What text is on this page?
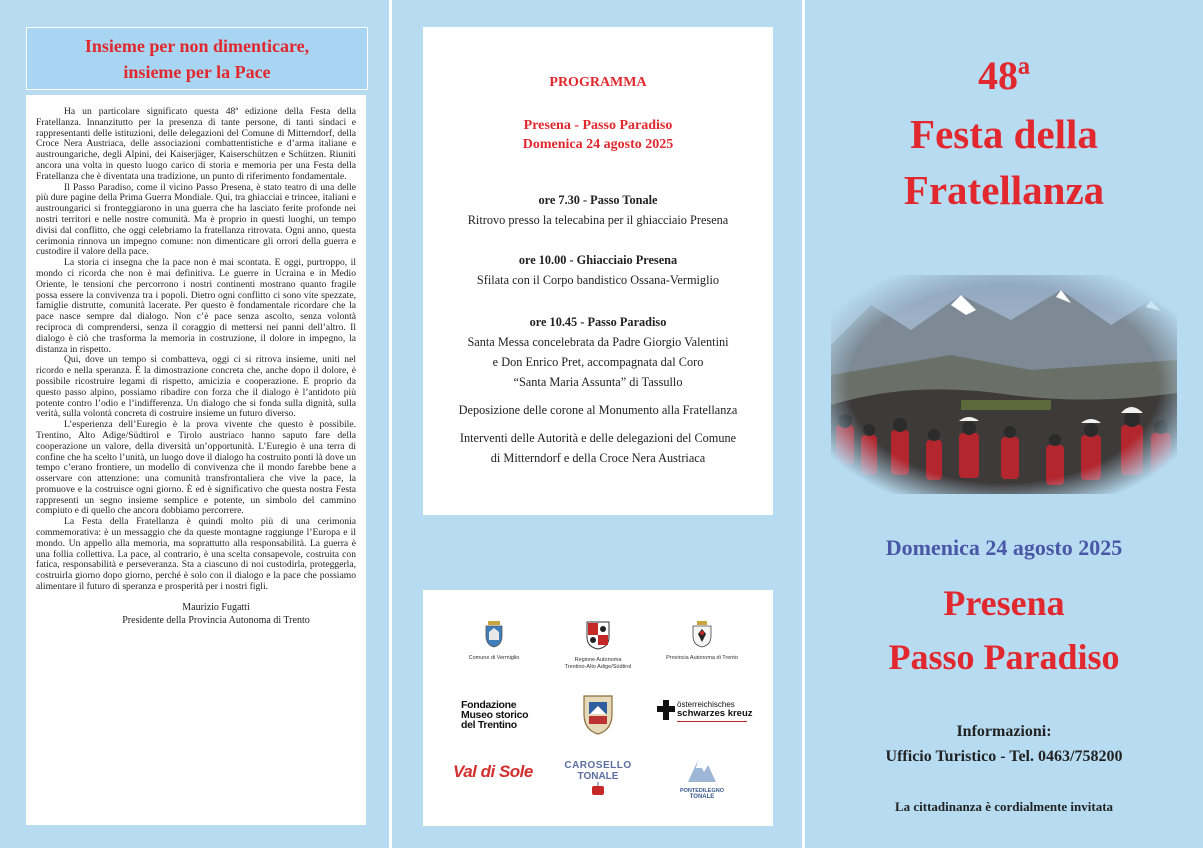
Insieme per non dimenticare,
insieme per la Pace

Ha un particolare significato questa 48ª edizione della Festa della Fratellanza. Innanzitutto per la presenza di tante persone, di tanti sindaci e rappresentanti delle istituzioni, delle delegazioni del Comune di Mitterndorf, della Croce Nera Austriaca, delle associazioni combattentistiche e d’arma italiane e austroungariche, degli Alpini, dei Kaiserjäger, Kaiserschützen e Schützen. Riuniti ancora una volta in questo luogo carico di storia e memoria per una Festa della Fratellanza che è diventata una tradizione, un punto di riferimento fondamentale.

Il Passo Paradiso, come il vicino Passo Presena, è stato teatro di una delle più dure pagine della Prima Guerra Mondiale. Qui, tra ghiacciai e trincee, italiani e austroungarici si fronteggiarono in una guerra che ha lasciato ferite profonde nei nostri territori e nelle nostre comunità. Ma è proprio in questi luoghi, un tempo divisi dal conflitto, che oggi celebriamo la fratellanza ritrovata. Ogni anno, questa cerimonia rinnova un impegno comune: non dimenticare gli orrori della guerra e custodire il valore della pace.

La storia ci insegna che la pace non è mai scontata. E oggi, purtroppo, il mondo ci ricorda che non è mai definitiva. Le guerre in Ucraina e in Medio Oriente, le tensioni che percorrono i nostri continenti mostrano quanto fragile possa essere la convivenza tra i popoli. Dietro ogni conflitto ci sono vite spezzate, famiglie distrutte, comunità lacerate. Per questo è fondamentale ricordare che la pace nasce sempre dal dialogo. Non c’è pace senza ascolto, senza volontà reciproca di comprendersi, senza il coraggio di mettersi nei panni dell’altro. Il dialogo è ciò che trasforma la memoria in costruzione, il dolore in impegno, la distanza in rispetto.

Qui, dove un tempo si combatteva, oggi ci si ritrova insieme, uniti nel ricordo e nella speranza. È la dimostrazione concreta che, anche dopo il dolore, è possibile ricostruire legami di rispetto, amicizia e cooperazione. E proprio da questo passo alpino, possiamo ribadire con forza che il dialogo è l’antidoto più potente contro l’odio e l’indifferenza. Un dialogo che si fonda sulla dignità, sulla verità, sulla volontà concreta di costruire insieme un futuro diverso.

L’esperienza dell’Euregio è la prova vivente che questo è possibile. Trentino, Alto Adige/Südtirol e Tirolo austriaco hanno saputo fare della cooperazione un valore, della diversità un’opportunità. L’Euregio è una terra di confine che ha scelto l’unità, un luogo dove il dialogo ha costruito ponti là dove un tempo c’erano frontiere, un modello di convivenza che il mondo farebbe bene a osservare con attenzione: una comunità transfrontaliera che vive la pace, la promuove e la costruisce ogni giorno. È ed è significativo che questa nostra Festa rappresenti un segno insieme semplice e potente, un simbolo del cammino compiuto e di quello che ancora dobbiamo percorrere.

La Festa della Fratellanza è quindi molto più di una cerimonia commemorativa: è un messaggio che da queste montagne raggiunge l’Europa e il mondo. Un appello alla memoria, ma soprattutto alla responsabilità. La guerra è una follia collettiva. La pace, al contrario, è una scelta consapevole, costruita con fatica, responsabilità e perseveranza. Sta a ciascuno di noi custodirla, proteggerla, costruirla giorno dopo giorno, perché è solo con il dialogo e la pace che possiamo alimentare il futuro di speranza e prosperità per i nostri figli.

Maurizio Fugatti
Presidente della Provincia Autonoma di Trento
PROGRAMMA
Presena - Passo Paradiso
Domenica 24 agosto 2025
ore 7.30 - Passo Tonale
Ritrovo presso la telecabina per il ghiacciaio Presena
ore 10.00 - Ghiacciaio Presena
Sfilata con il Corpo bandistico Ossana-Vermiglio
ore 10.45 - Passo Paradiso
Santa Messa concelebrata da Padre Giorgio Valentini
e Don Enrico Pret, accompagnata dal Coro
“Santa Maria Assunta” di Tassullo
Deposizione delle corone al Monumento alla Fratellanza
Interventi delle Autorità e delle delegazioni del Comune
di Mitterndorf e della Croce Nera Austriaca
Comune di Vermiglio	Regione Autonoma
Trentino-Alto Adige/Südtirol
Provincia Autonoma di Trento
Fondazione
Museo storico
del Trentino
österreichisches
schwarzes kreuz
Val di Sole	CAROSELLO
TONALE
PONTEDILEGNO
TONALE
48ª
Festa della
Fratellanza
Domenica 24 agosto 2025
Presena
Passo Paradiso
Informazioni:
Ufficio Turistico - Tel. 0463/758200
La cittadinanza è cordialmente invitata
